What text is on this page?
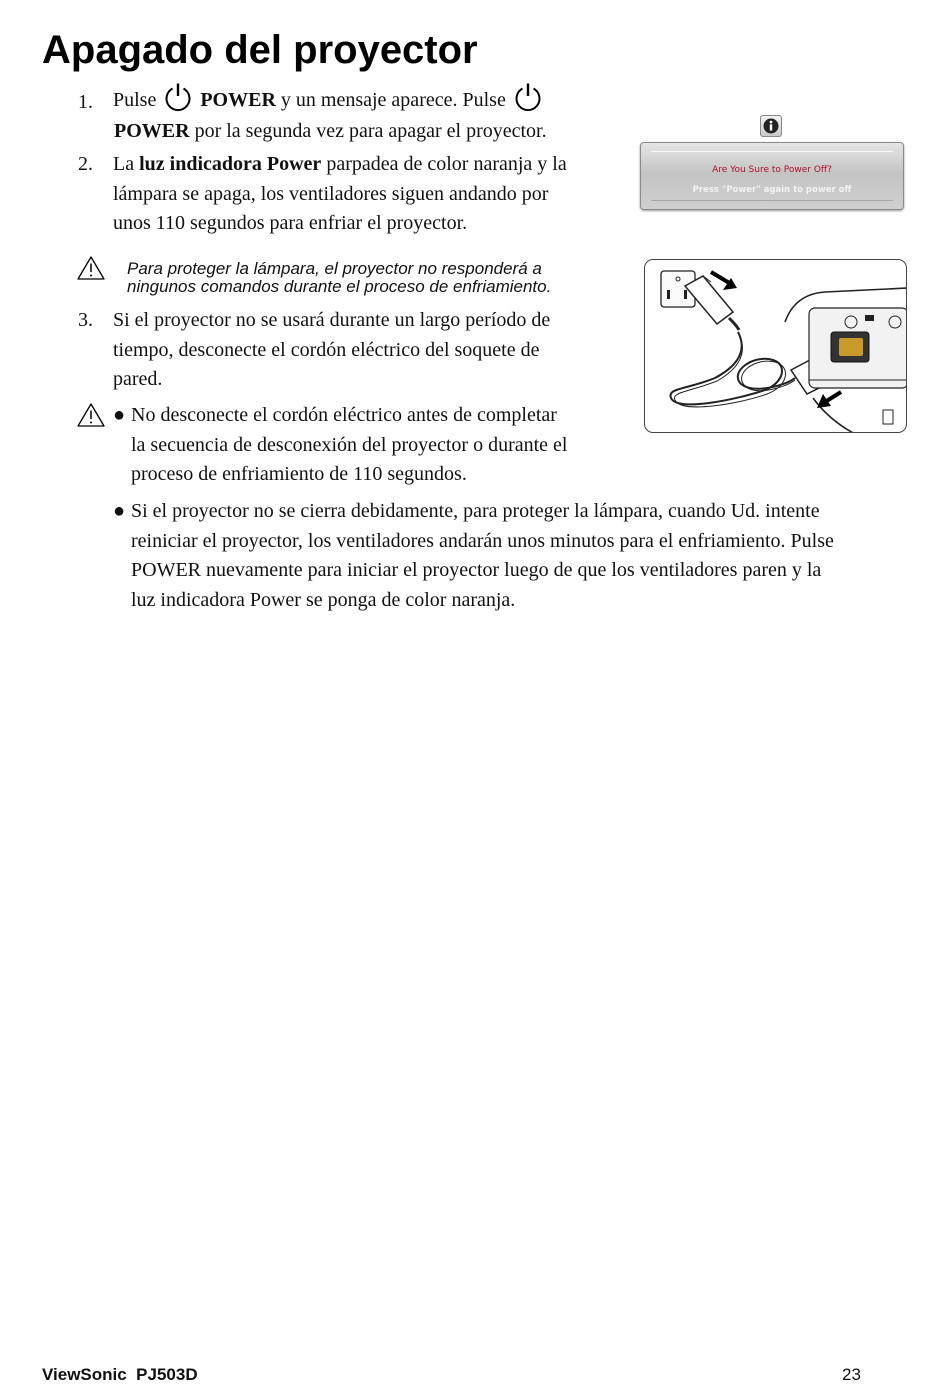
Apagado del proyector
1.	Pulse POWER y un mensaje aparece. Pulse
POWER por la segunda vez para apagar el proyector.
2.	La luz indicadora Power parpadea de color naranja y la
lámpara se apaga, los ventiladores siguen andando por
unos 110 segundos para enfriar el proyector.
Are You Sure to Power Off?
Press "Power" again to power off
Para proteger la lámpara, el proyector no responderá a
ningunos comandos durante el proceso de enfriamiento.
3.	Si el proyector no se usará durante un largo período de
tiempo, desconecte el cordón eléctrico del soquete de
pared.
● No desconecte el cordón eléctrico antes de completar
la secuencia de desconexión del proyector o durante el
proceso de enfriamiento de 110 segundos.
● Si el proyector no se cierra debidamente, para proteger la lámpara, cuando Ud. intente
reiniciar el proyector, los ventiladores andarán unos minutos para el enfriamiento. Pulse
POWER nuevamente para iniciar el proyector luego de que los ventiladores paren y la
luz indicadora Power se ponga de color naranja.
ViewSonic  PJ503D	23
